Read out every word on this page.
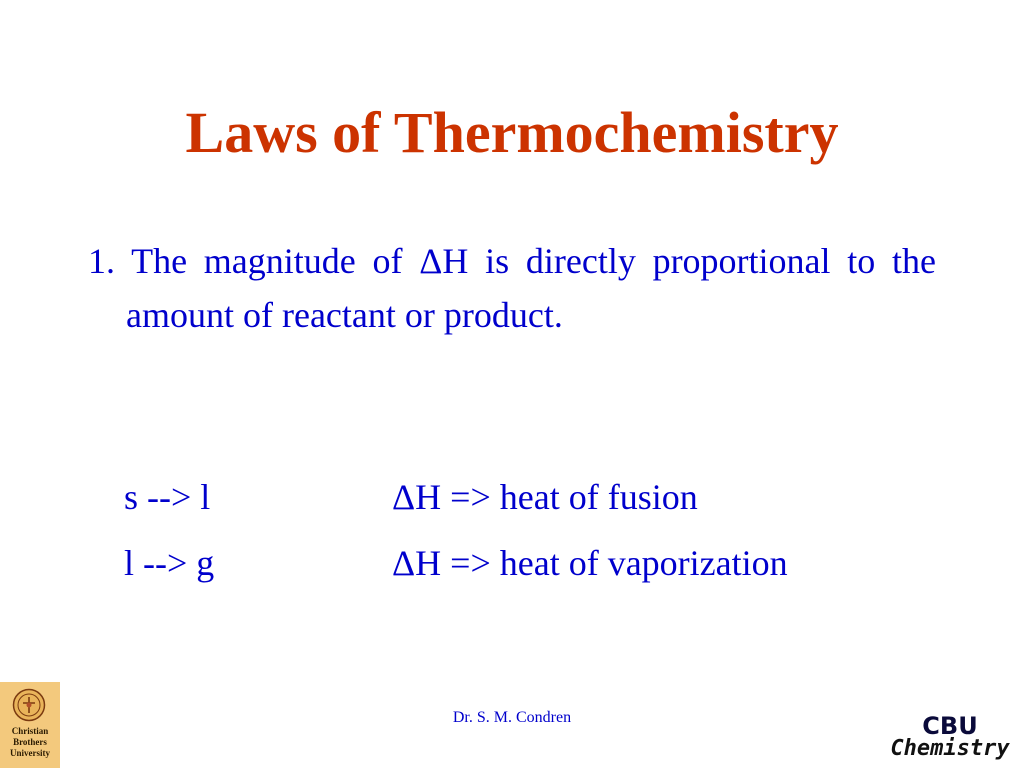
Laws of Thermochemistry
1. The magnitude of ΔH is directly proportional to the amount of reactant or product.
s --> l	ΔH => heat of fusion
l --> g	ΔH => heat of vaporization
Dr. S. M. Condren
Christian
Brothers
University
CBU
Chemistry
